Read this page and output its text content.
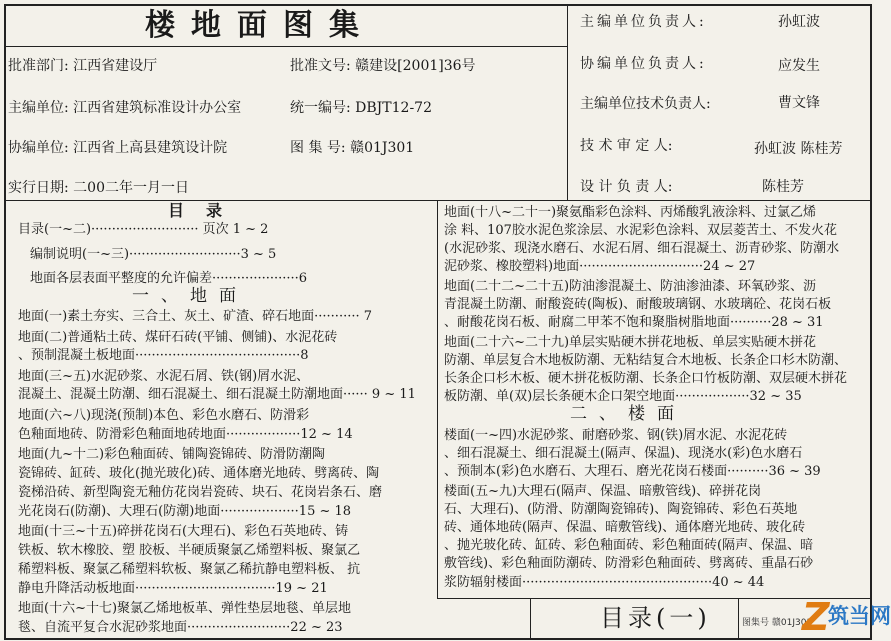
楼地面图集
批准部门: 江西省建设厅	批准文号: 赣建设[2001]36号
主编单位: 江西省建筑标准设计办公室	统一编号: DBJT12-72
协编单位: 江西省上高县建筑设计院	图 集 号: 赣01J301
实行日期: 二00二年一月一日
主编单位负责人:	孙虹波
协编单位负责人:	应发生
主编单位技术负责人:	曹文锋
技 术 审 定 人:	孙虹波 陈桂芳
设 计 负 责 人:	陈桂芳
目录
目录(一~二)·························· 页次 1 ~ 2
编制说明(一~三)···························3 ~ 5
地面各层表面平整度的允许偏差·····················6
一、地面
地面(一)素土夯实、三合土、灰土、矿渣、碎石地面··········· 7
地面(二)普通粘土砖、煤矸石砖(平铺、侧铺)、水泥花砖
、预制混凝土板地面········································8
地面(三~五)水泥砂浆、水泥石屑、铁(钢)屑水泥、
混凝土、混凝土防潮、细石混凝土、细石混凝土防潮地面······ 9 ~ 11
地面(六~八)现浇(预制)本色、彩色水磨石、防滑彩
色釉面地砖、防滑彩色釉面地砖地面··················12 ~ 14
地面(九~十二)彩色釉面砖、铺陶瓷锦砖、防滑防潮陶
瓷锦砖、缸砖、玻化(抛光玻化)砖、通体磨光地砖、劈离砖、陶
瓷梯沿砖、新型陶瓷无釉仿花岗岩瓷砖、块石、花岗岩条石、磨
光花岗石(防潮)、大理石(防潮)地面···················15 ~ 18
地面(十三~十五)碎拼花岗石(大理石)、彩色石英地砖、铸
铁板、软木橡胶、塑 胶板、半硬质聚氯乙烯塑料板、聚氯乙
稀塑料板、聚氯乙稀塑料软板、聚氯乙稀抗静电塑料板、 抗
静电升降活动板地面··································19 ~ 21
地面(十六~十七)聚氯乙烯地板革、弹性垫层地毯、单层地
毯、自流平复合水泥砂浆地面·························22 ~ 23
地面(十八~二十一)聚氨酯彩色涂料、丙烯酸乳液涂料、过氯乙烯
涂 料、107胶水泥色浆涂层、水泥彩色涂料、双层菱苦土、不发火花
(水泥砂浆、现浇水磨石、水泥石屑、细石混凝土、沥青砂浆、防潮水
泥砂浆、橡胶塑料)地面······························24 ~ 27
地面(二十二~二十五)防油渗混凝土、防油渗油漆、环氧砂浆、沥
青混凝土防潮、耐酸瓷砖(陶板)、耐酸玻璃钢、水玻璃砼、花岗石板
、耐酸花岗石板、耐腐二甲苯不饱和聚脂树脂地面··········28 ~ 31
地面(二十六~二十九)单层实贴硬木拼花地板、单层实贴硬木拼花
防潮、单层复合木地板防潮、无粘结复合木地板、长条企口杉木防潮、
长条企口杉木板、硬木拼花板防潮、长条企口竹板防潮、双层硬木拼花
板防潮、单(双)层长条硬木企口架空地面··················32 ~ 35
二、楼面
楼面(一~四)水泥砂浆、耐磨砂浆、钢(铁)屑水泥、水泥花砖
、细石混凝土、细石混凝土(隔声、保温)、现浇水(彩)色水磨石
、预制本(彩)色水磨石、大理石、磨光花岗石楼面··········36 ~ 39
楼面(五~九)大理石(隔声、保温、暗敷管线)、碎拼花岗
石、大理石)、(防滑、防潮陶瓷锦砖)、陶瓷锦砖、彩色石英地
砖、通体地砖(隔声、保温、暗敷管线)、通体磨光地砖、玻化砖
、抛光玻化砖、缸砖、彩色釉面砖、彩色釉面砖(隔声、保温、暗
敷管线)、彩色釉面防潮砖、防滑彩色釉面砖、劈离砖、重晶石砂
浆防辐射楼面··············································40 ~ 44
目录(一)	图集号 赣01J301
Z
筑当网
